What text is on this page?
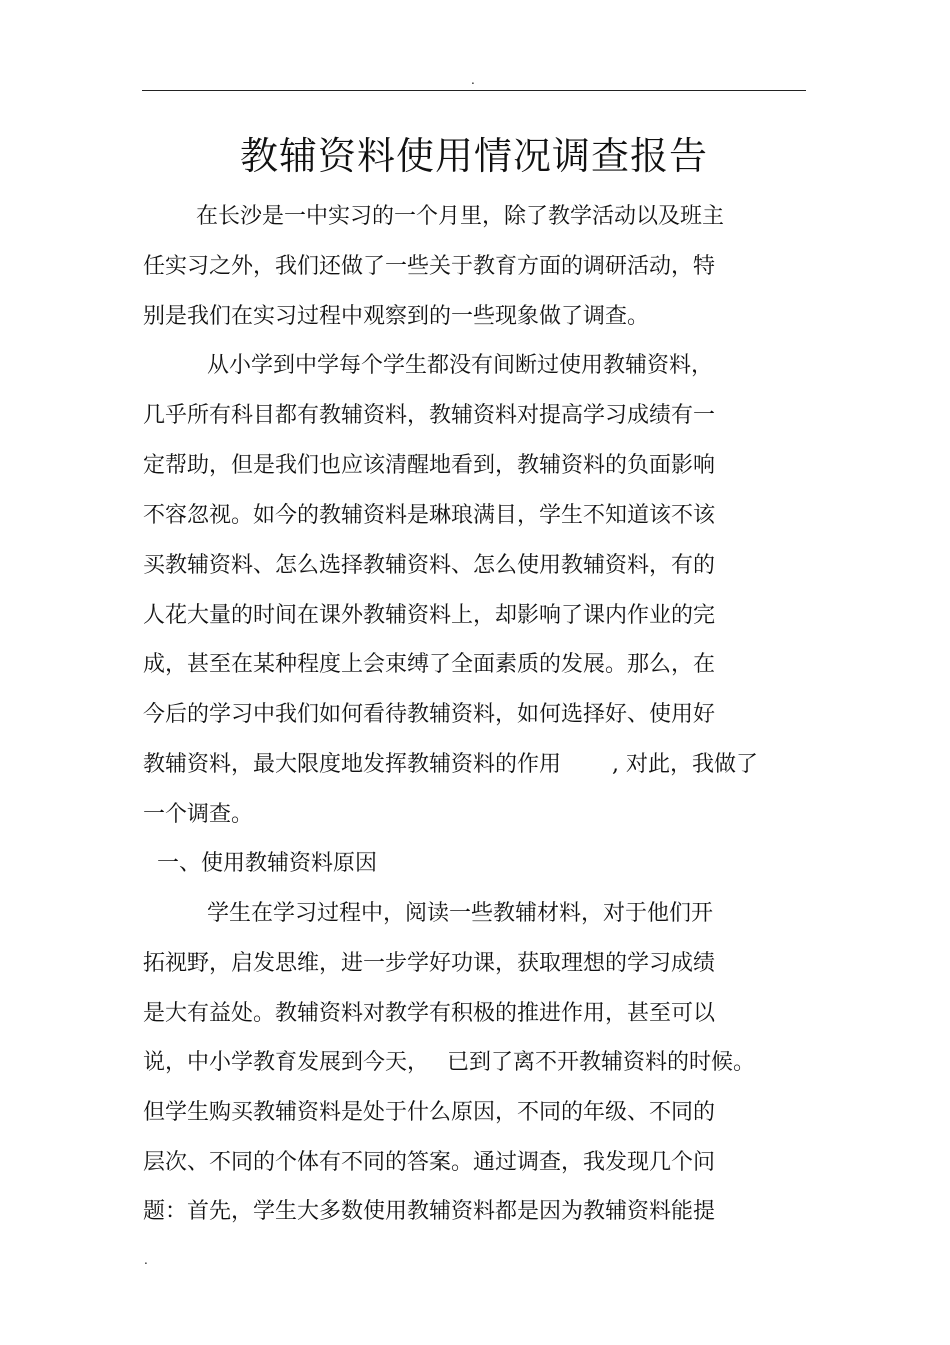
.
教辅资料使用情况调查报告

在长沙是一中实习的一个月里，除了教学活动以及班主

任实习之外，我们还做了一些关于教育方面的调研活动，特

别是我们在实习过程中观察到的一些现象做了调查。

从小学到中学每个学生都没有间断过使用教辅资料，

几乎所有科目都有教辅资料，教辅资料对提高学习成绩有一

定帮助，但是我们也应该清醒地看到，教辅资料的负面影响

不容忽视。如今的教辅资料是琳琅满目，学生不知道该不该

买教辅资料、怎么选择教辅资料、怎么使用教辅资料，有的

人花大量的时间在课外教辅资料上，却影响了课内作业的完

成，甚至在某种程度上会束缚了全面素质的发展。那么，在

今后的学习中我们如何看待教辅资料，如何选择好、使用好

教辅资料，最大限度地发挥教辅资料的作用　　 , 对此，我做了

一个调查。

一、使用教辅资料原因

学生在学习过程中，阅读一些教辅材料，对于他们开

拓视野，启发思维，进一步学好功课，获取理想的学习成绩

是大有益处。教辅资料对教学有积极的推进作用，甚至可以

说，中小学教育发展到今天，　 已到了离不开教辅资料的时候。

但学生购买教辅资料是处于什么原因，不同的年级、不同的

层次、不同的个体有不同的答案。通过调查，我发现几个问

题：首先，学生大多数使用教辅资料都是因为教辅资料能提

.
